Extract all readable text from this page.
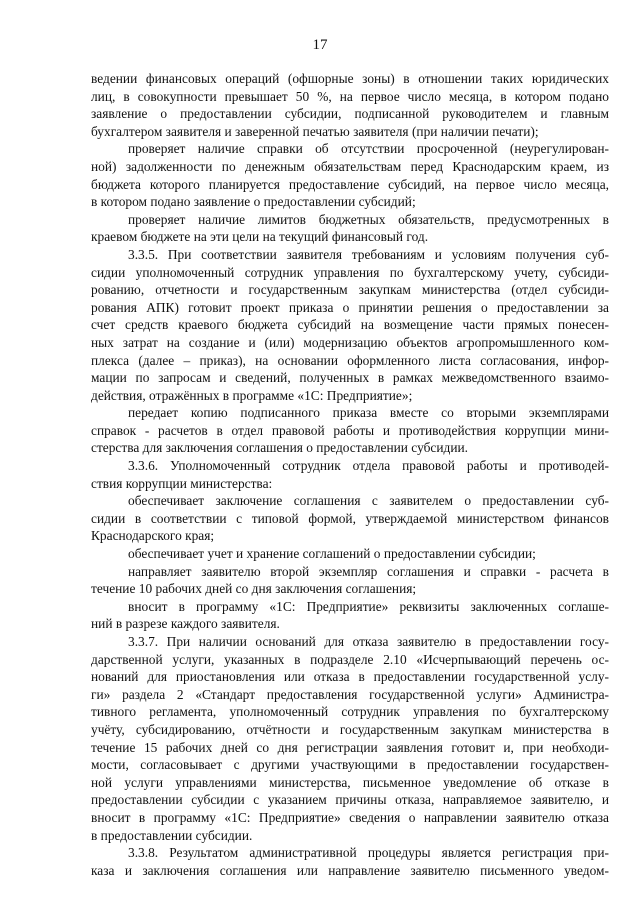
17
ведении финансовых операций (офшорные зоны) в отношении таких юридических
лиц, в совокупности превышает 50 %, на первое число месяца, в котором подано
заявление о предоставлении субсидии, подписанной руководителем и главным
бухгалтером заявителя и заверенной печатью заявителя (при наличии печати);
проверяет наличие справки об отсутствии просроченной (неурегулирован-
ной) задолженности по денежным обязательствам перед Краснодарским краем, из
бюджета которого планируется предоставление субсидий, на первое число месяца,
в котором подано заявление о предоставлении субсидий;
проверяет наличие лимитов бюджетных обязательств, предусмотренных в
краевом бюджете на эти цели на текущий финансовый год.
3.3.5. При соответствии заявителя требованиям и условиям получения суб-
сидии уполномоченный сотрудник управления по бухгалтерскому учету, субсиди-
рованию, отчетности и государственным закупкам министерства (отдел субсиди-
рования АПК) готовит проект приказа о принятии решения о предоставлении за
счет средств краевого бюджета субсидий на возмещение части прямых понесен-
ных затрат на создание и (или) модернизацию объектов агропромышленного ком-
плекса (далее – приказ), на основании оформленного листа согласования, инфор-
мации по запросам и сведений, полученных в рамках межведомственного взаимо-
действия, отражённых в программе «1С: Предприятие»;
передает копию подписанного приказа вместе со вторыми экземплярами
справок - расчетов в отдел правовой работы и противодействия коррупции мини-
стерства для заключения соглашения о предоставлении субсидии.
3.3.6. Уполномоченный сотрудник отдела правовой работы и противодей-
ствия коррупции министерства:
обеспечивает заключение соглашения с заявителем о предоставлении суб-
сидии в соответствии с типовой формой, утверждаемой министерством финансов
Краснодарского края;
обеспечивает учет и хранение соглашений о предоставлении субсидии;
направляет заявителю второй экземпляр соглашения и справки - расчета в
течение 10 рабочих дней со дня заключения соглашения;
вносит в программу «1С: Предприятие» реквизиты заключенных соглаше-
ний в разрезе каждого заявителя.
3.3.7. При наличии оснований для отказа заявителю в предоставлении госу-
дарственной услуги, указанных в подразделе 2.10 «Исчерпывающий перечень ос-
нований для приостановления или отказа в предоставлении государственной услу-
ги» раздела 2 «Стандарт предоставления государственной услуги» Администра-
тивного регламента, уполномоченный сотрудник управления по бухгалтерскому
учёту, субсидированию, отчётности и государственным закупкам министерства в
течение 15 рабочих дней со дня регистрации заявления готовит и, при необходи-
мости, согласовывает с другими участвующими в предоставлении государствен-
ной услуги управлениями министерства, письменное уведомление об отказе в
предоставлении субсидии с указанием причины отказа, направляемое заявителю, и
вносит в программу «1С: Предприятие» сведения о направлении заявителю отказа
в предоставлении субсидии.
3.3.8. Результатом административной процедуры является регистрация при-
каза и заключения соглашения или направление заявителю письменного уведом-
